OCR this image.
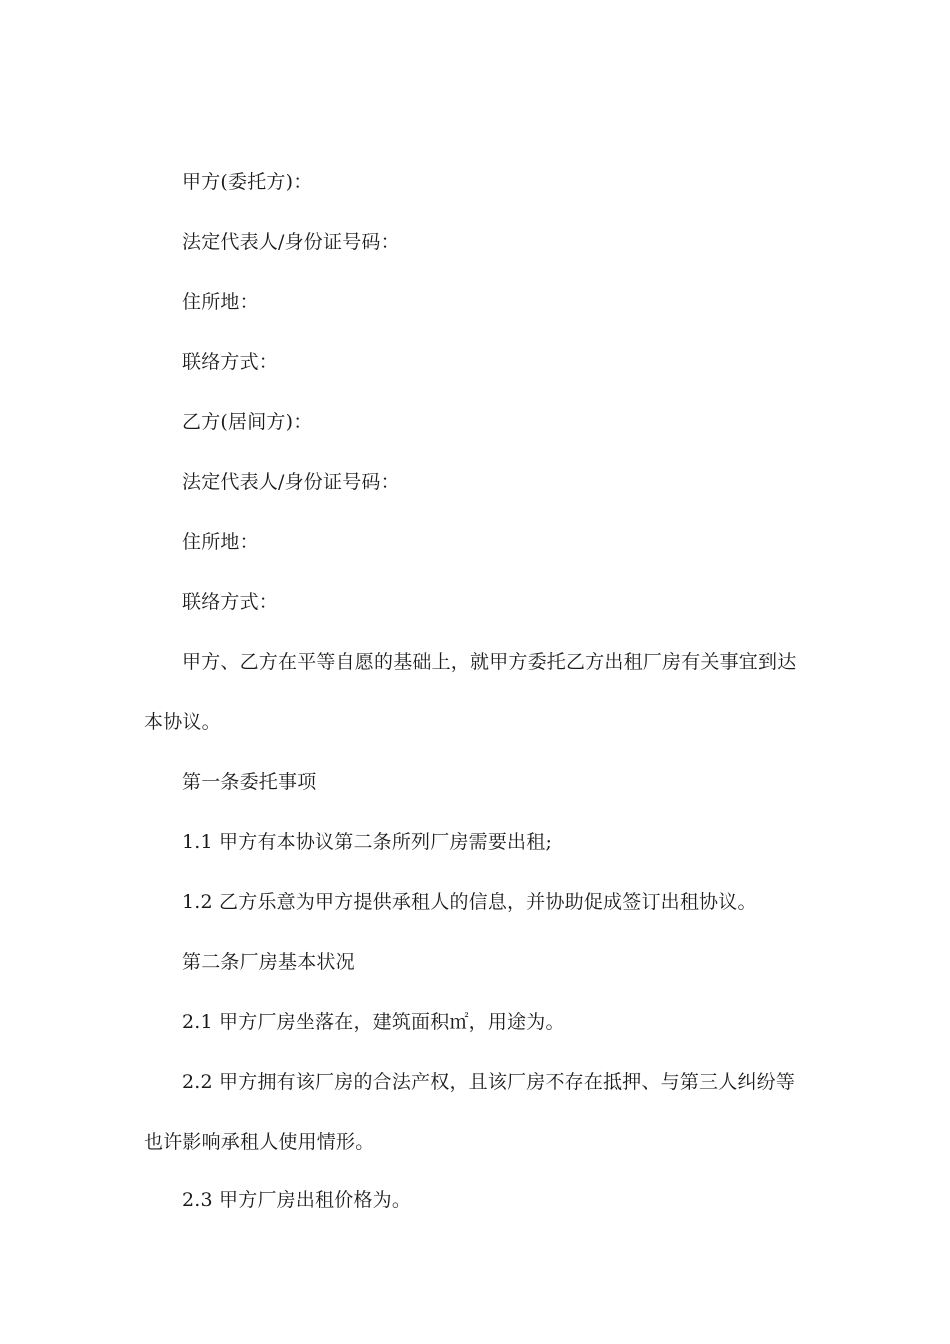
甲方(委托方)：
法定代表人/身份证号码：
住所地：
联络方式：
乙方(居间方)：
法定代表人/身份证号码：
住所地：
联络方式：
甲方、乙方在平等自愿的基础上，就甲方委托乙方出租厂房有关事宜到达
本协议。
第一条委托事项
1.1 甲方有本协议第二条所列厂房需要出租;
1.2 乙方乐意为甲方提供承租人的信息，并协助促成签订出租协议。
第二条厂房基本状况
2.1 甲方厂房坐落在，建筑面积㎡，用途为。
2.2 甲方拥有该厂房的合法产权，且该厂房不存在抵押、与第三人纠纷等
也许影响承租人使用情形。
2.3 甲方厂房出租价格为。
